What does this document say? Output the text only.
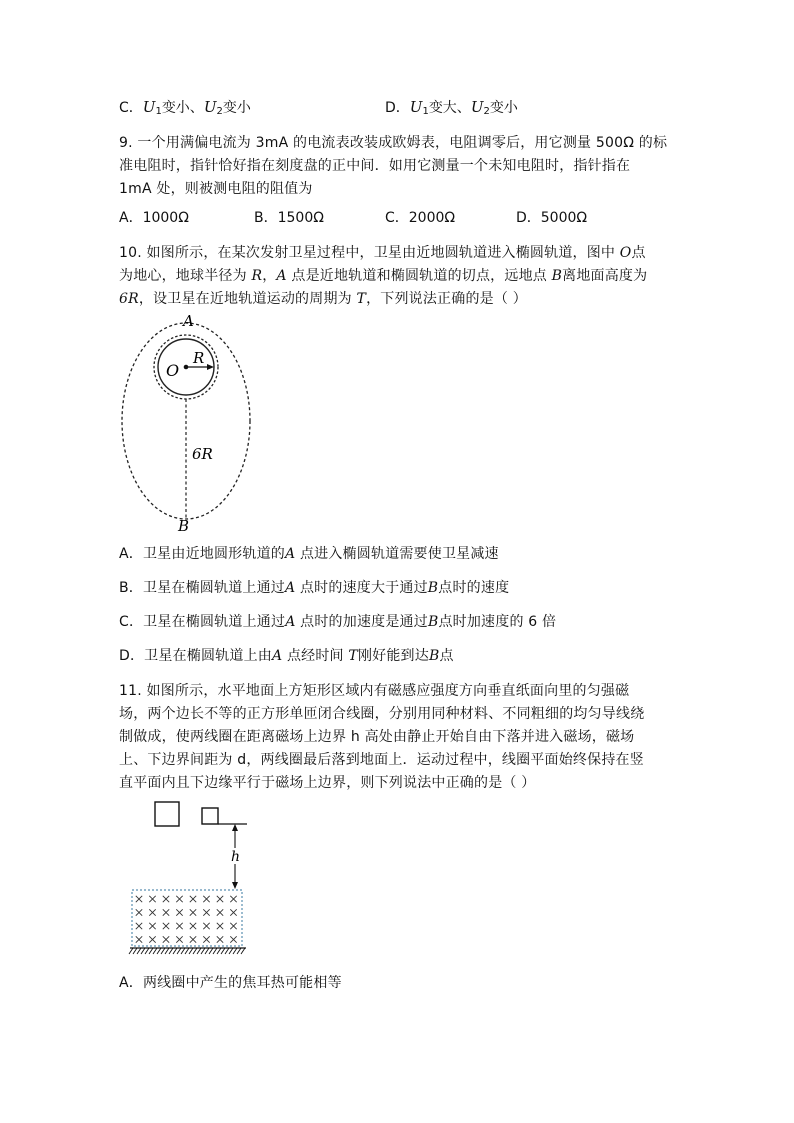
C．$U_1$变小、$U_2$变小	D．$U_1$变大、$U_2$变小
9. 一个用满偏电流为 3mA 的电流表改装成欧姆表，电阻调零后，用它测量 500Ω 的标
准电阻时，指针恰好指在刻度盘的正中间．如用它测量一个未知电阻时，指针指在
1mA 处，则被测电阻的阻值为
A．1000Ω	B．1500Ω	C．2000Ω	D．5000Ω
10. 如图所示，在某次发射卫星过程中，卫星由近地圆轨道进入椭圆轨道，图中 O点
为地心，地球半径为 R，A 点是近地轨道和椭圆轨道的切点，远地点 B离地面高度为
6R，设卫星在近地轨道运动的周期为 T，下列说法正确的是（ ）
A
O
R
6R
B
A．卫星由近地圆形轨道的A 点进入椭圆轨道需要使卫星减速
B．卫星在椭圆轨道上通过A 点时的速度大于通过B点时的速度
C．卫星在椭圆轨道上通过A 点时的加速度是通过B点时加速度的 6 倍
D．卫星在椭圆轨道上由A 点经时间 T刚好能到达B点
11. 如图所示，水平地面上方矩形区域内有磁感应强度方向垂直纸面向里的匀强磁
场，两个边长不等的正方形单匝闭合线圈，分别用同种材料、不同粗细的均匀导线绕
制做成，使两线圈在距离磁场上边界 h 高处由静止开始自由下落并进入磁场，磁场
上、下边界间距为 d，两线圈最后落到地面上．运动过程中，线圈平面始终保持在竖
直平面内且下边缘平行于磁场上边界，则下列说法中正确的是（ ）
h
A．两线圈中产生的焦耳热可能相等
